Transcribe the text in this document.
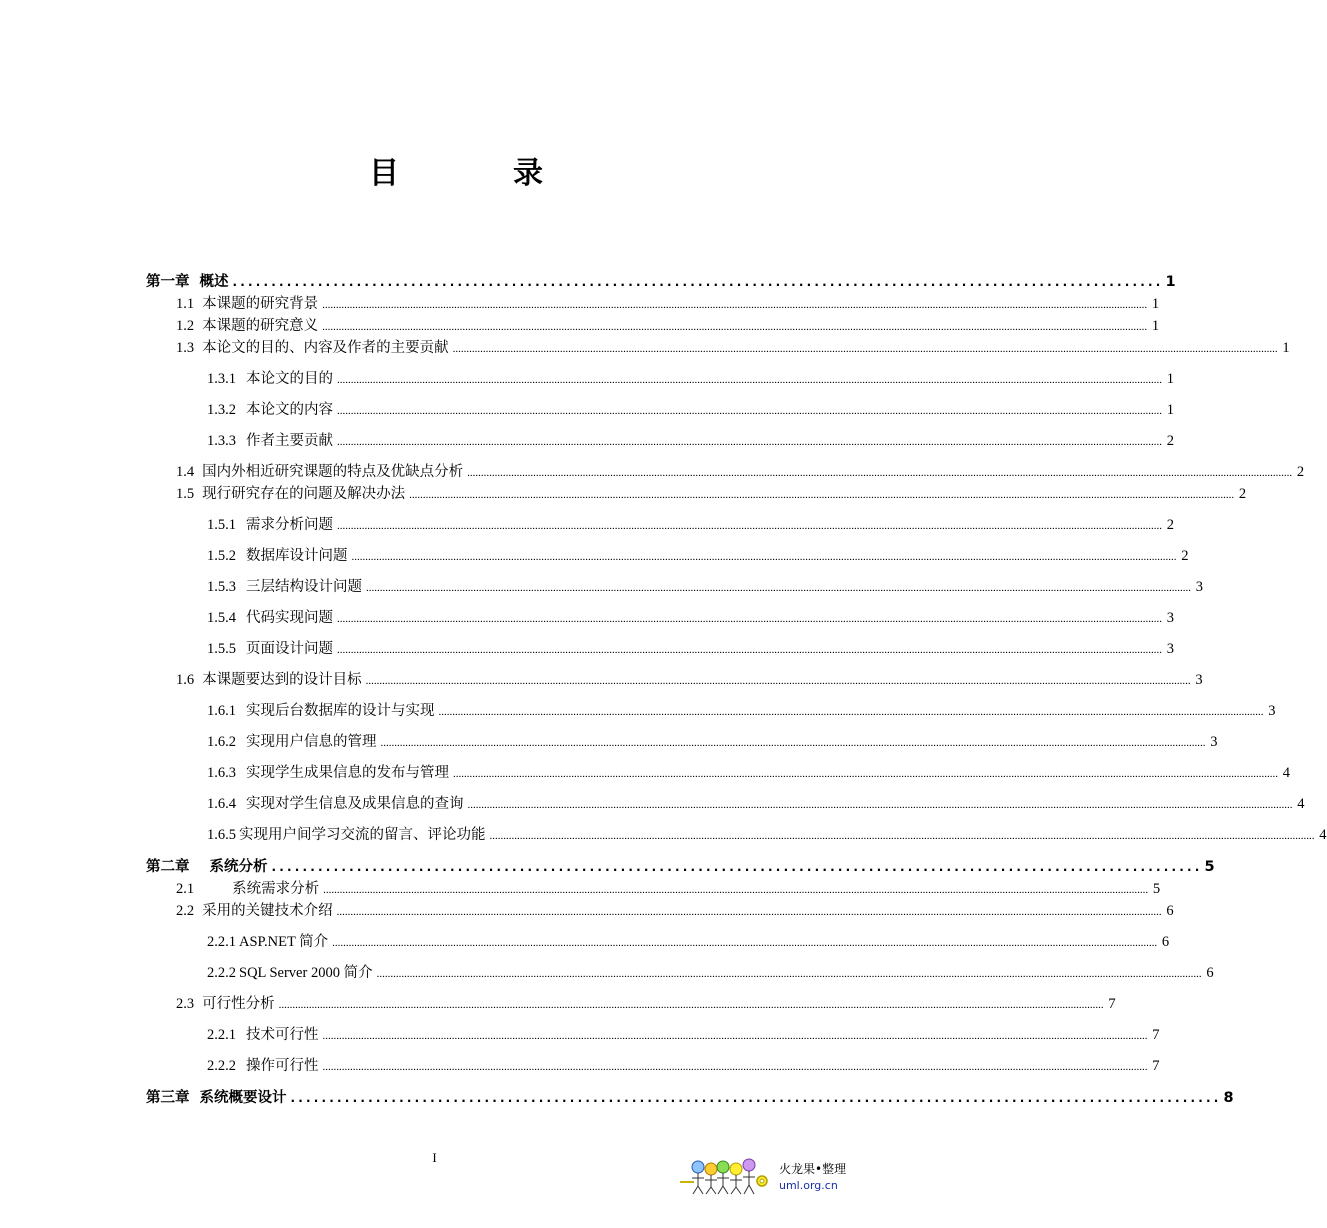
目	录
第一章 概述 ........................................................................................................................ 1
1.1 本课题的研究背景 ............................................................................................................................................................................................................................................................................................................ 1
1.2 本课题的研究意义 ............................................................................................................................................................................................................................................................................................................ 1
1.3 本论文的目的、内容及作者的主要贡献 ............................................................................................................................................................................................................................................................................................................ 1
1.3.1 本论文的目的 ............................................................................................................................................................................................................................................................................................................ 1
1.3.2 本论文的内容 ............................................................................................................................................................................................................................................................................................................ 1
1.3.3 作者主要贡献 ............................................................................................................................................................................................................................................................................................................ 2
1.4 国内外相近研究课题的特点及优缺点分析 ............................................................................................................................................................................................................................................................................................................ 2
1.5 现行研究存在的问题及解决办法 ............................................................................................................................................................................................................................................................................................................ 2
1.5.1 需求分析问题 ............................................................................................................................................................................................................................................................................................................ 2
1.5.2 数据库设计问题 ............................................................................................................................................................................................................................................................................................................ 2
1.5.3 三层结构设计问题 ............................................................................................................................................................................................................................................................................................................ 3
1.5.4 代码实现问题 ............................................................................................................................................................................................................................................................................................................ 3
1.5.5 页面设计问题 ............................................................................................................................................................................................................................................................................................................ 3
1.6 本课题要达到的设计目标 ............................................................................................................................................................................................................................................................................................................ 3
1.6.1 实现后台数据库的设计与实现 ............................................................................................................................................................................................................................................................................................................ 3
1.6.2 实现用户信息的管理 ............................................................................................................................................................................................................................................................................................................ 3
1.6.3 实现学生成果信息的发布与管理 ............................................................................................................................................................................................................................................................................................................ 4
1.6.4 实现对学生信息及成果信息的查询 ............................................................................................................................................................................................................................................................................................................ 4
1.6.5 实现用户间学习交流的留言、评论功能 ............................................................................................................................................................................................................................................................................................................ 4
第二章 系统分析 ........................................................................................................................ 5
2.1	系统需求分析 ............................................................................................................................................................................................................................................................................................................ 5
2.2 采用的关键技术介绍 ............................................................................................................................................................................................................................................................................................................ 6
2.2.1 ASP.NET 简介 ............................................................................................................................................................................................................................................................................................................ 6
2.2.2 SQL Server 2000 简介 ............................................................................................................................................................................................................................................................................................................ 6
2.3 可行性分析 ............................................................................................................................................................................................................................................................................................................ 7
2.2.1 技术可行性 ............................................................................................................................................................................................................................................................................................................ 7
2.2.2 操作可行性 ............................................................................................................................................................................................................................................................................................................ 7
第三章 系统概要设计 ........................................................................................................................ 8
I
火龙果•整理
uml.org.cn
